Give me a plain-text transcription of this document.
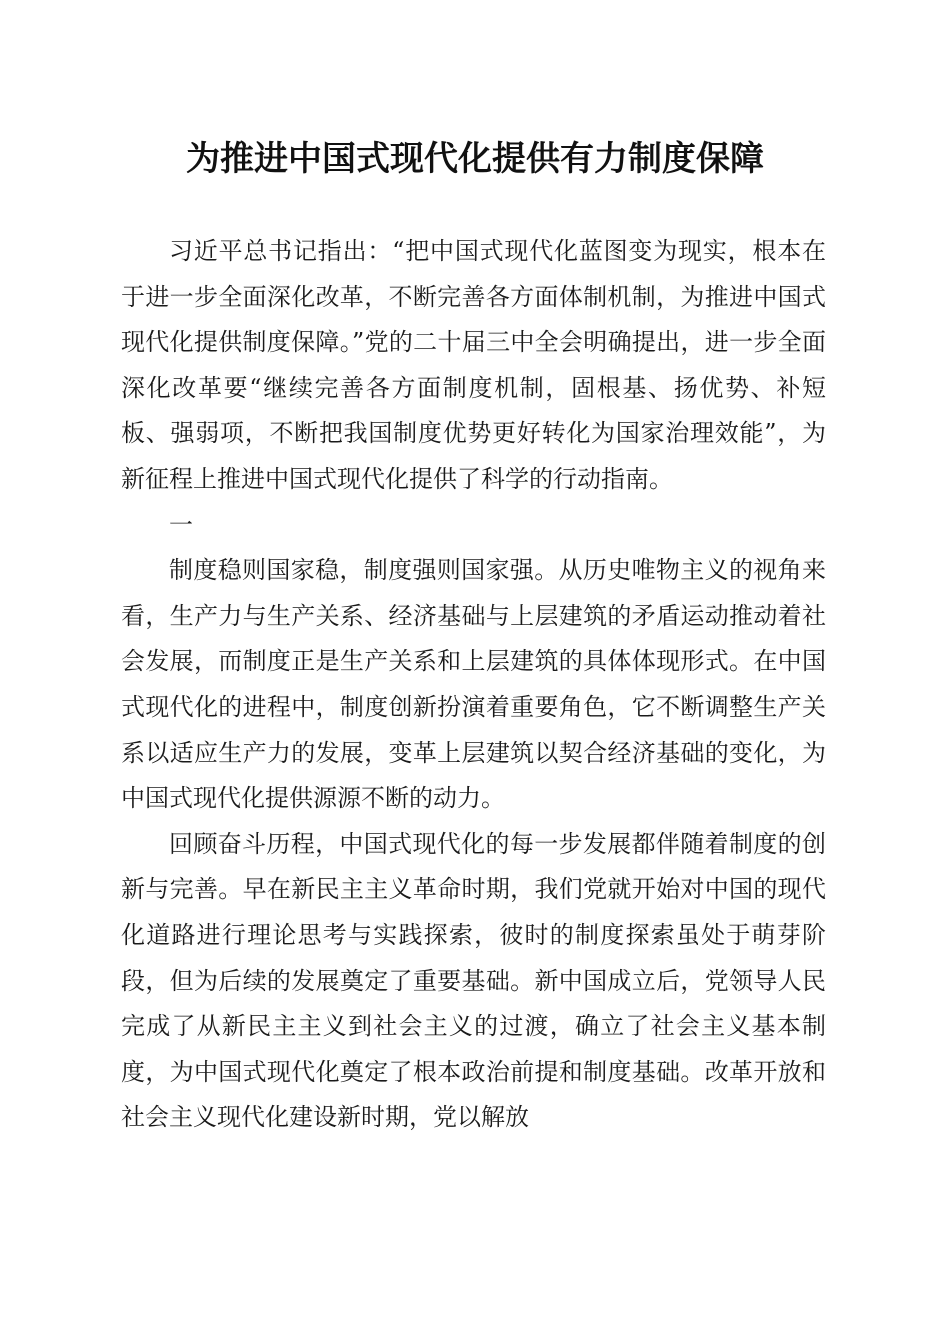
为推进中国式现代化提供有力制度保障

习近平总书记指出：“把中国式现代化蓝图变为现实，根本在于进一步全面深化改革，不断完善各方面体制机制，为推进中国式现代化提供制度保障。”党的二十届三中全会明确提出，进一步全面深化改革要“继续完善各方面制度机制，固根基、扬优势、补短板、强弱项，不断把我国制度优势更好转化为国家治理效能”，为新征程上推进中国式现代化提供了科学的行动指南。

一

制度稳则国家稳，制度强则国家强。从历史唯物主义的视角来看，生产力与生产关系、经济基础与上层建筑的矛盾运动推动着社会发展，而制度正是生产关系和上层建筑的具体体现形式。在中国式现代化的进程中，制度创新扮演着重要角色，它不断调整生产关系以适应生产力的发展，变革上层建筑以契合经济基础的变化，为中国式现代化提供源源不断的动力。

回顾奋斗历程，中国式现代化的每一步发展都伴随着制度的创新与完善。早在新民主主义革命时期，我们党就开始对中国的现代化道路进行理论思考与实践探索，彼时的制度探索虽处于萌芽阶段，但为后续的发展奠定了重要基础。新中国成立后，党领导人民完成了从新民主主义到社会主义的过渡，确立了社会主义基本制度，为中国式现代化奠定了根本政治前提和制度基础。改革开放和社会主义现代化建设新时期，党以解放
